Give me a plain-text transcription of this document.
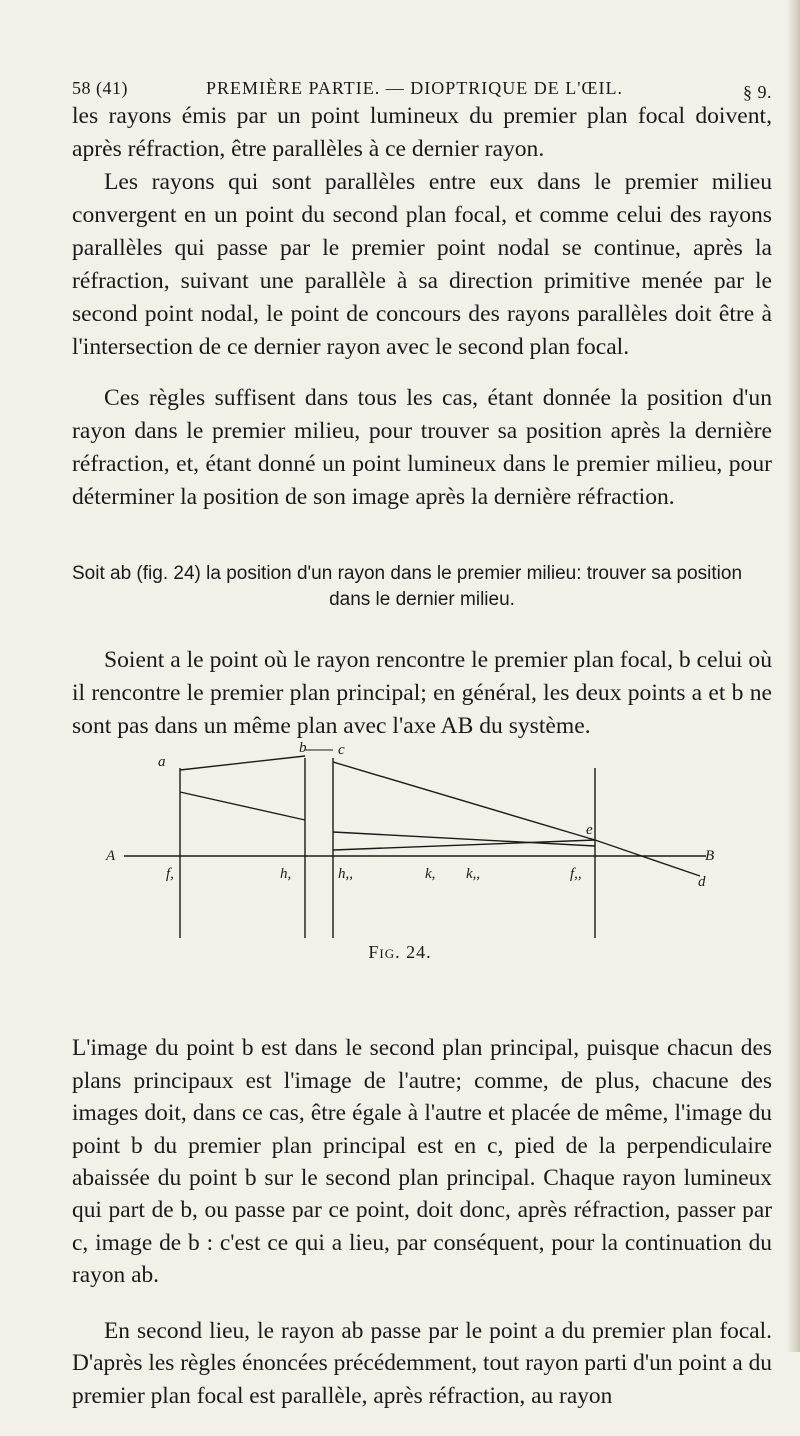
58 (41)	PREMIÈRE PARTIE. — DIOPTRIQUE DE L'ŒIL.	§ 9.

les rayons émis par un point lumineux du premier plan focal doivent, après réfraction, être parallèles à ce dernier rayon.

Les rayons qui sont parallèles entre eux dans le premier milieu convergent en un point du second plan focal, et comme celui des rayons parallèles qui passe par le premier point nodal se continue, après la réfraction, suivant une parallèle à sa direction primitive menée par le second point nodal, le point de concours des rayons parallèles doit être à l'intersection de ce dernier rayon avec le second plan focal.

Ces règles suffisent dans tous les cas, étant donnée la position d'un rayon dans le premier milieu, pour trouver sa position après la dernière réfraction, et, étant donné un point lumineux dans le premier milieu, pour déterminer la position de son image après la dernière réfraction.

Soit ab (fig. 24) la position d'un rayon dans le premier milieu: trouver sa position
dans le dernier milieu.

Soient a le point où le rayon rencontre le premier plan focal, b celui où il rencontre le premier plan principal; en général, les deux points a et b ne sont pas dans un même plan avec l'axe AB du système.

a
b c
e
d
A	B
f,	h,	h,,	k, k,,	f,,
Fig. 24.

L'image du point b est dans le second plan principal, puisque chacun des plans principaux est l'image de l'autre; comme, de plus, chacune des images doit, dans ce cas, être égale à l'autre et placée de même, l'image du point b du premier plan principal est en c, pied de la perpendiculaire abaissée du point b sur le second plan principal. Chaque rayon lumineux qui part de b, ou passe par ce point, doit donc, après réfraction, passer par c, image de b : c'est ce qui a lieu, par conséquent, pour la continuation du rayon ab.

En second lieu, le rayon ab passe par le point a du premier plan focal. D'après les règles énoncées précédemment, tout rayon parti d'un point a du premier plan focal est parallèle, après réfraction, au rayon
